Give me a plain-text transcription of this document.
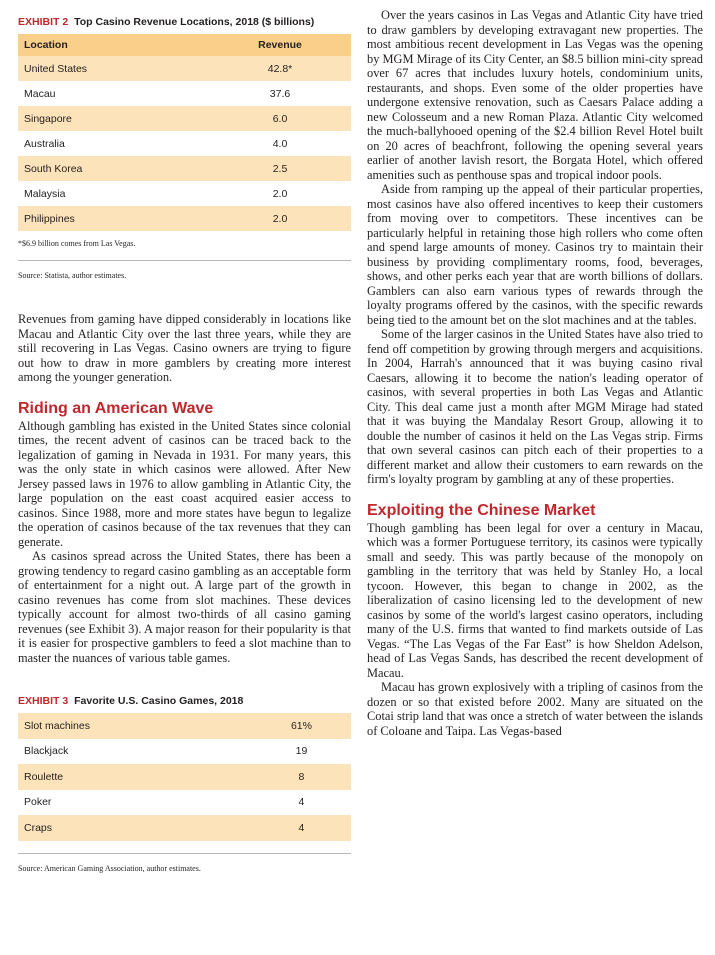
EXHIBIT 2 Top Casino Revenue Locations, 2018 ($ billions)
Location	Revenue
United States	42.8*
Macau	37.6
Singapore	6.0
Australia	4.0
South Korea	2.5
Malaysia	2.0
Philippines	2.0

*$6.9 billion comes from Las Vegas.

Source: Statista, author estimates.

Revenues from gaming have dipped considerably in locations like Macau and Atlantic City over the last three years, while they are still recovering in Las Vegas. Casino owners are trying to figure out how to draw in more gamblers by creating more interest among the younger generation.

Riding an American Wave

Although gambling has existed in the United States since colonial times, the recent advent of casinos can be traced back to the legalization of gaming in Nevada in 1931. For many years, this was the only state in which casinos were allowed. After New Jersey passed laws in 1976 to allow gambling in Atlantic City, the large population on the east coast acquired easier access to casinos. Since 1988, more and more states have begun to legalize the operation of casinos because of the tax revenues that they can generate.

As casinos spread across the United States, there has been a growing tendency to regard casino gambling as an acceptable form of entertainment for a night out. A large part of the growth in casino revenues has come from slot machines. These devices typically account for almost two-thirds of all casino gaming revenues (see Exhibit 3). A major reason for their popularity is that it is easier for prospective gamblers to feed a slot machine than to master the nuances of various table games.

EXHIBIT 3 Favorite U.S. Casino Games, 2018
Slot machines	61%
Blackjack	19
Roulette	8
Poker	4
Craps	4

Source: American Gaming Association, author estimates.

Over the years casinos in Las Vegas and Atlantic City have tried to draw gamblers by developing extravagant new properties. The most ambitious recent development in Las Vegas was the opening by MGM Mirage of its City Center, an $8.5 billion mini-city spread over 67 acres that includes luxury hotels, condominium units, restaurants, and shops. Even some of the older properties have undergone extensive renovation, such as Caesars Palace adding a new Colosseum and a new Roman Plaza. Atlantic City welcomed the much-ballyhooed opening of the $2.4 billion Revel Hotel built on 20 acres of beachfront, following the opening several years earlier of another lavish resort, the Borgata Hotel, which offered amenities such as penthouse spas and tropical indoor pools.

Aside from ramping up the appeal of their particular properties, most casinos have also offered incentives to keep their customers from moving over to competitors. These incentives can be particularly helpful in retaining those high rollers who come often and spend large amounts of money. Casinos try to maintain their business by providing complimentary rooms, food, beverages, shows, and other perks each year that are worth billions of dollars. Gamblers can also earn various types of rewards through the loyalty programs offered by the casinos, with the specific rewards being tied to the amount bet on the slot machines and at the tables.

Some of the larger casinos in the United States have also tried to fend off competition by growing through mergers and acquisitions. In 2004, Harrah's announced that it was buying casino rival Caesars, allowing it to become the nation's leading operator of casinos, with several properties in both Las Vegas and Atlantic City. This deal came just a month after MGM Mirage had stated that it was buying the Mandalay Resort Group, allowing it to double the number of casinos it held on the Las Vegas strip. Firms that own several casinos can pitch each of their properties to a different market and allow their customers to earn rewards on the firm's loyalty program by gambling at any of these properties.

Exploiting the Chinese Market

Though gambling has been legal for over a century in Macau, which was a former Portuguese territory, its casinos were typically small and seedy. This was partly because of the monopoly on gambling in the territory that was held by Stanley Ho, a local tycoon. However, this began to change in 2002, as the liberalization of casino licensing led to the development of new casinos by some of the world's largest casino operators, including many of the U.S. firms that wanted to find markets outside of Las Vegas. “The Las Vegas of the Far East” is how Sheldon Adelson, head of Las Vegas Sands, has described the recent development of Macau.

Macau has grown explosively with a tripling of casinos from the dozen or so that existed before 2002. Many are situated on the Cotai strip land that was once a stretch of water between the islands of Coloane and Taipa. Las Vegas-based
